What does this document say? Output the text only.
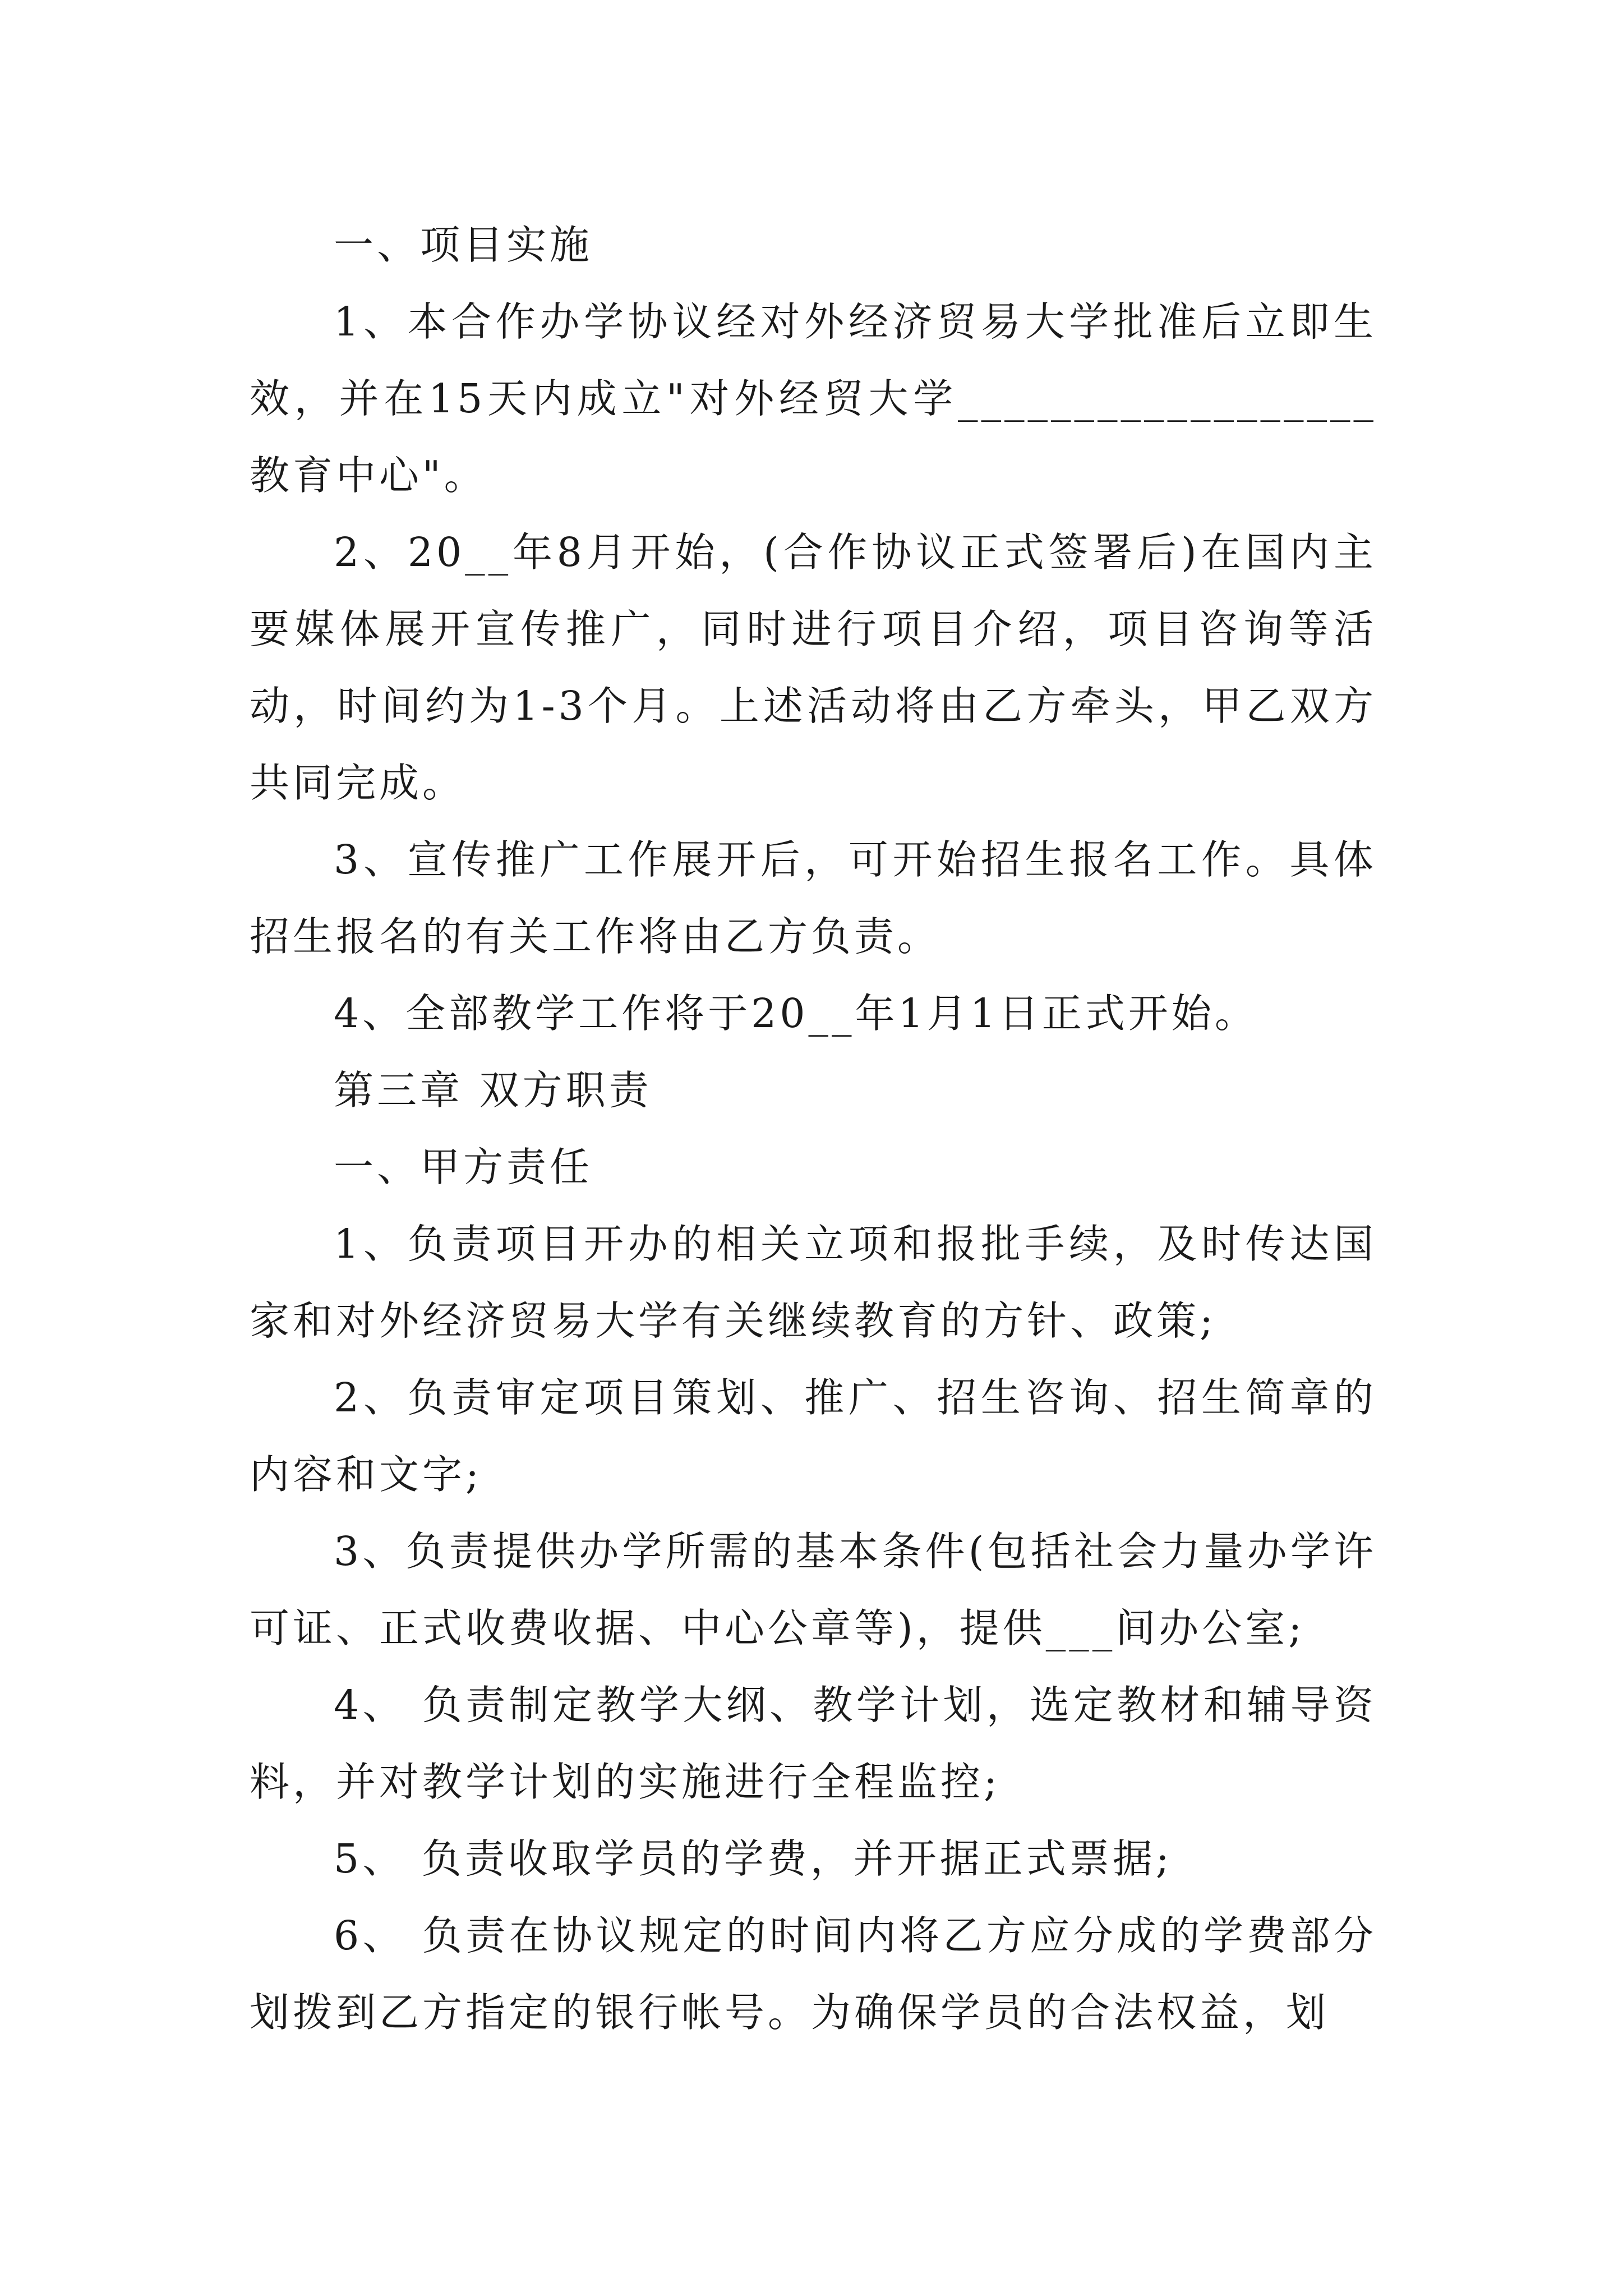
一、项目实施

1、本合作办学协议经对外经济贸易大学批准后立即生效，并在15天内成立"对外经贸大学__________________教育中心"。

2、20__年8月开始，(合作协议正式签署后)在国内主要媒体展开宣传推广，同时进行项目介绍，项目咨询等活动，时间约为1-3个月。上述活动将由乙方牵头，甲乙双方共同完成。

3、宣传推广工作展开后，可开始招生报名工作。具体招生报名的有关工作将由乙方负责。

4、全部教学工作将于20__年1月1日正式开始。

第三章 双方职责

一、甲方责任

1、负责项目开办的相关立项和报批手续，及时传达国家和对外经济贸易大学有关继续教育的方针、政策;

2、负责审定项目策划、推广、招生咨询、招生简章的内容和文字;

3、负责提供办学所需的基本条件(包括社会力量办学许可证、正式收费收据、中心公章等)，提供___间办公室;

4、 负责制定教学大纲、教学计划，选定教材和辅导资料，并对教学计划的实施进行全程监控;

5、 负责收取学员的学费，并开据正式票据;

6、 负责在协议规定的时间内将乙方应分成的学费部分划拨到乙方指定的银行帐号。为确保学员的合法权益，划
